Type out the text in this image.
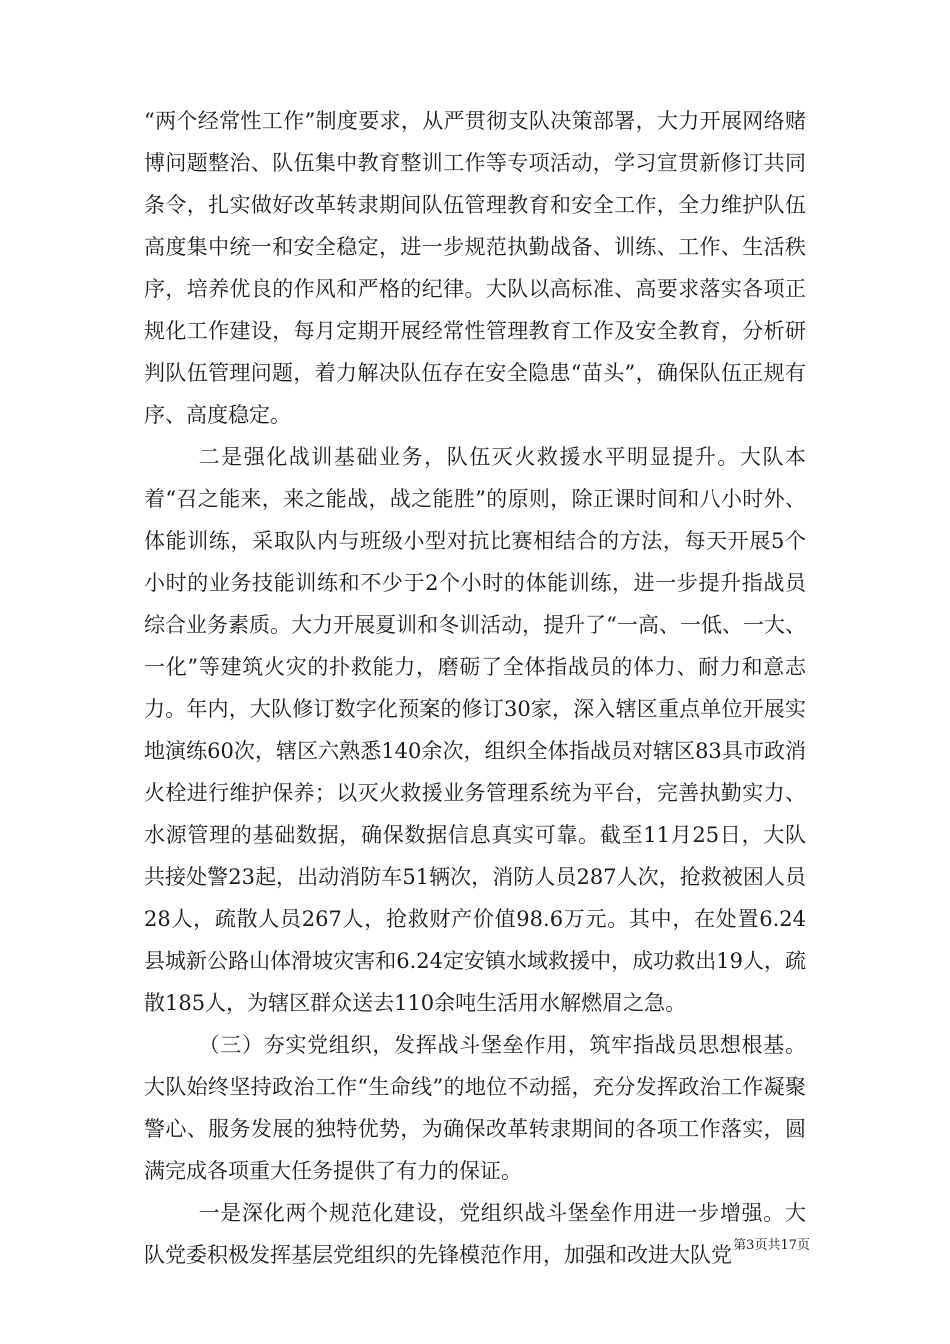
“两个经常性工作”制度要求，从严贯彻支队决策部署，大力开展网络赌博问题整治、队伍集中教育整训工作等专项活动，学习宣贯新修订共同条令，扎实做好改革转隶期间队伍管理教育和安全工作，全力维护队伍高度集中统一和安全稳定，进一步规范执勤战备、训练、工作、生活秩序，培养优良的作风和严格的纪律。大队以高标准、高要求落实各项正规化工作建设，每月定期开展经常性管理教育工作及安全教育，分析研判队伍管理问题，着力解决队伍存在安全隐患“苗头”，确保队伍正规有序、高度稳定。

二是强化战训基础业务，队伍灭火救援水平明显提升。大队本着“召之能来，来之能战，战之能胜”的原则，除正课时间和八小时外、体能训练，采取队内与班级小型对抗比赛相结合的方法，每天开展5个小时的业务技能训练和不少于2个小时的体能训练，进一步提升指战员综合业务素质。大力开展夏训和冬训活动，提升了“一高、一低、一大、一化”等建筑火灾的扑救能力，磨砺了全体指战员的体力、耐力和意志力。年内，大队修订数字化预案的修订30家，深入辖区重点单位开展实地演练60次，辖区六熟悉140余次，组织全体指战员对辖区83具市政消火栓进行维护保养；以灭火救援业务管理系统为平台，完善执勤实力、水源管理的基础数据，确保数据信息真实可靠。截至11月25日，大队共接处警23起，出动消防车51辆次，消防人员287人次，抢救被困人员28人，疏散人员267人，抢救财产价值98.6万元。其中，在处置6.24县城新公路山体滑坡灾害和6.24定安镇水域救援中，成功救出19人，疏散185人，为辖区群众送去110余吨生活用水解燃眉之急。

（三）夯实党组织，发挥战斗堡垒作用，筑牢指战员思想根基。大队始终坚持政治工作“生命线”的地位不动摇，充分发挥政治工作凝聚警心、服务发展的独特优势，为确保改革转隶期间的各项工作落实，圆满完成各项重大任务提供了有力的保证。

一是深化两个规范化建设，党组织战斗堡垒作用进一步增强。大队党委积极发挥基层党组织的先锋模范作用，加强和改进大队党 第3页共17页
